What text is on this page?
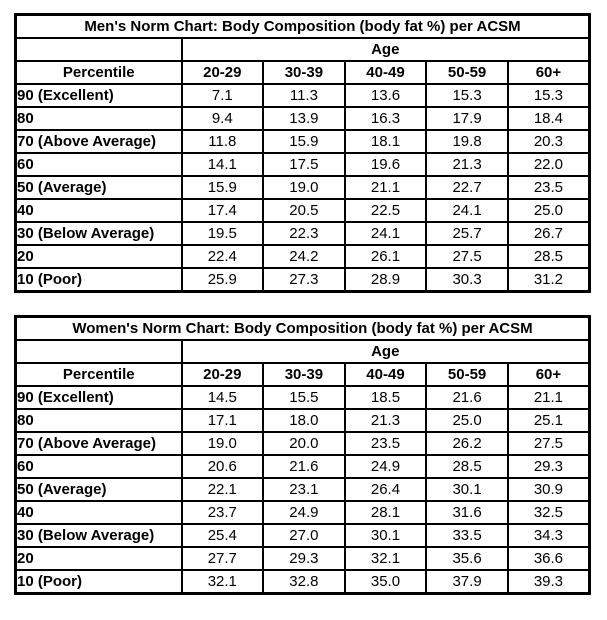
Men's Norm Chart: Body Composition (body fat %) per ACSM					
	Age				
Percentile	20-29	30-39	40-49	50-59	60+
90 (Excellent)	7.1	11.3	13.6	15.3	15.3
80	9.4	13.9	16.3	17.9	18.4
70 (Above Average)	11.8	15.9	18.1	19.8	20.3
60	14.1	17.5	19.6	21.3	22.0
50 (Average)	15.9	19.0	21.1	22.7	23.5
40	17.4	20.5	22.5	24.1	25.0
30 (Below Average)	19.5	22.3	24.1	25.7	26.7
20	22.4	24.2	26.1	27.5	28.5
10 (Poor)	25.9	27.3	28.9	30.3	31.2
Women's Norm Chart: Body Composition (body fat %) per ACSM					
	Age				
Percentile	20-29	30-39	40-49	50-59	60+
90 (Excellent)	14.5	15.5	18.5	21.6	21.1
80	17.1	18.0	21.3	25.0	25.1
70 (Above Average)	19.0	20.0	23.5	26.2	27.5
60	20.6	21.6	24.9	28.5	29.3
50 (Average)	22.1	23.1	26.4	30.1	30.9
40	23.7	24.9	28.1	31.6	32.5
30 (Below Average)	25.4	27.0	30.1	33.5	34.3
20	27.7	29.3	32.1	35.6	36.6
10 (Poor)	32.1	32.8	35.0	37.9	39.3
